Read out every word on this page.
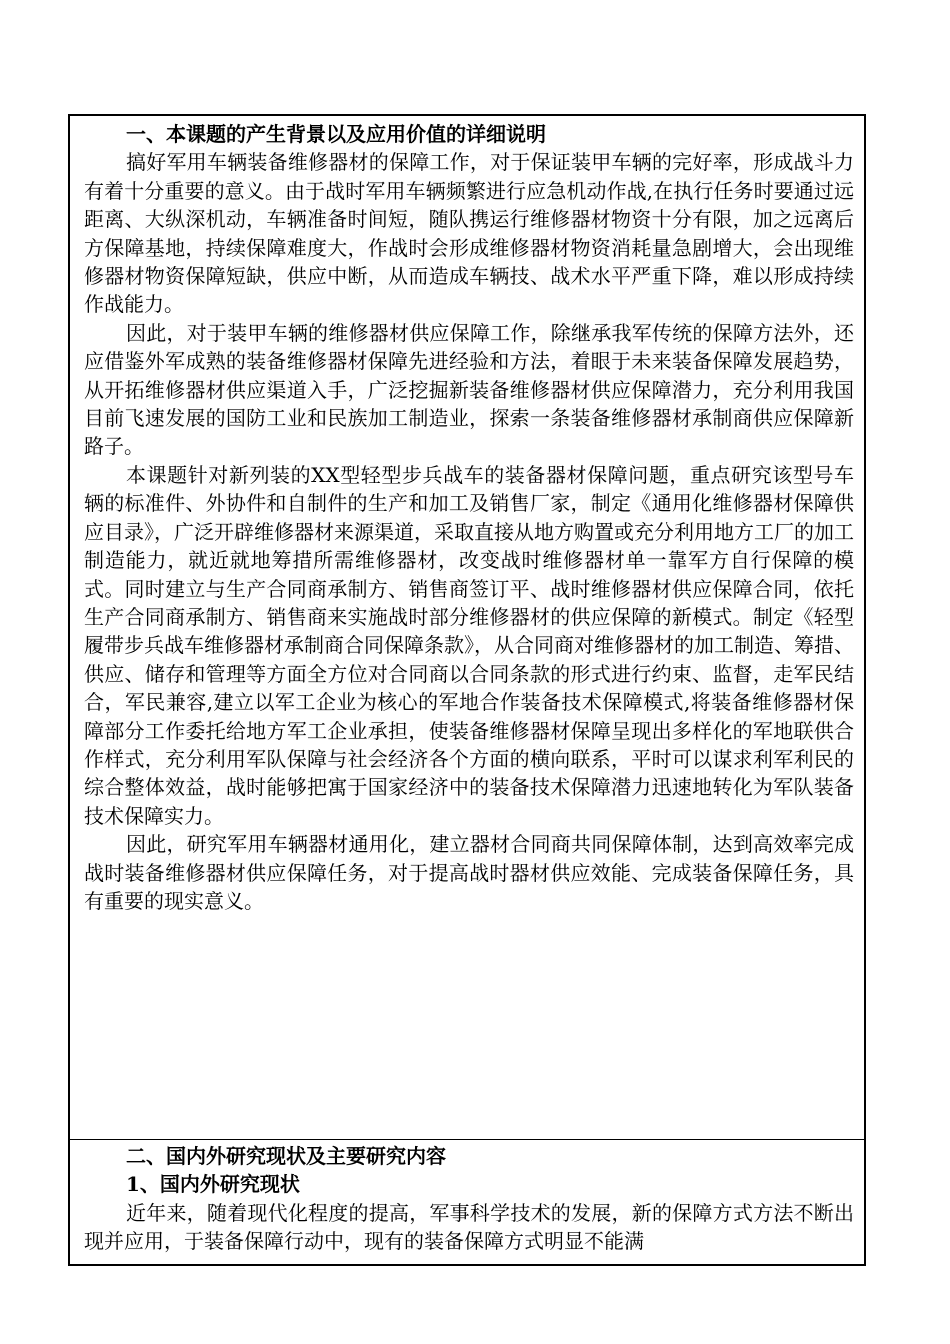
一、本课题的产生背景以及应用价值的详细说明

搞好军用车辆装备维修器材的保障工作，对于保证装甲车辆的完好率，形成战斗力有着十分重要的意义。由于战时军用车辆频繁进行应急机动作战,在执行任务时要通过远距离、大纵深机动，车辆准备时间短，随队携运行维修器材物资十分有限，加之远离后方保障基地，持续保障难度大，作战时会形成维修器材物资消耗量急剧增大，会出现维修器材物资保障短缺，供应中断，从而造成车辆技、战术水平严重下降，难以形成持续作战能力。

因此，对于装甲车辆的维修器材供应保障工作，除继承我军传统的保障方法外，还应借鉴外军成熟的装备维修器材保障先进经验和方法，着眼于未来装备保障发展趋势，从开拓维修器材供应渠道入手，广泛挖掘新装备维修器材供应保障潜力，充分利用我国目前飞速发展的国防工业和民族加工制造业，探索一条装备维修器材承制商供应保障新路子。

本课题针对新列装的XX型轻型步兵战车的装备器材保障问题，重点研究该型号车辆的标准件、外协件和自制件的生产和加工及销售厂家，制定《通用化维修器材保障供应目录》，广泛开辟维修器材来源渠道，采取直接从地方购置或充分利用地方工厂的加工制造能力，就近就地筹措所需维修器材，改变战时维修器材单一靠军方自行保障的模式。同时建立与生产合同商承制方、销售商签订平、战时维修器材供应保障合同，依托生产合同商承制方、销售商来实施战时部分维修器材的供应保障的新模式。制定《轻型履带步兵战车维修器材承制商合同保障条款》，从合同商对维修器材的加工制造、筹措、供应、储存和管理等方面全方位对合同商以合同条款的形式进行约束、监督，走军民结合，军民兼容,建立以军工企业为核心的军地合作装备技术保障模式,将装备维修器材保障部分工作委托给地方军工企业承担，使装备维修器材保障呈现出多样化的军地联供合作样式，充分利用军队保障与社会经济各个方面的横向联系，平时可以谋求利军利民的综合整体效益，战时能够把寓于国家经济中的装备技术保障潜力迅速地转化为军队装备技术保障实力。

因此，研究军用车辆器材通用化，建立器材合同商共同保障体制，达到高效率完成战时装备维修器材供应保障任务，对于提高战时器材供应效能、完成装备保障任务，具有重要的现实意义。

二、国内外研究现状及主要研究内容

1、国内外研究现状

近年来，随着现代化程度的提高，军事科学技术的发展，新的保障方式方法不断出现并应用，于装备保障行动中，现有的装备保障方式明显不能满
